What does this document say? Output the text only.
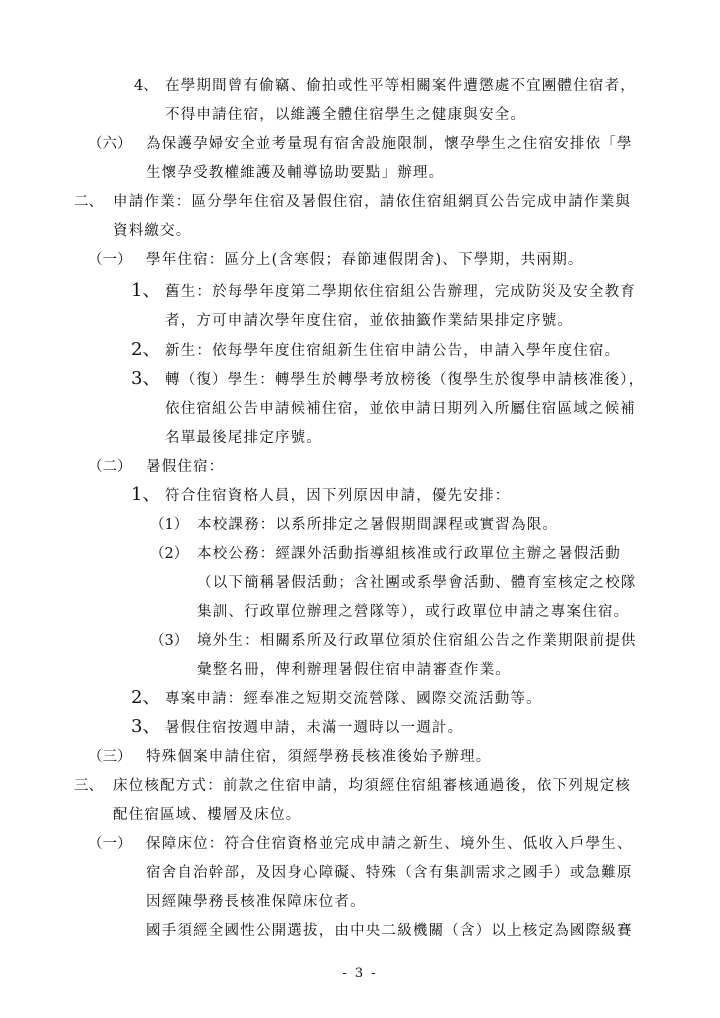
4、 在學期間曾有偷竊、偷拍或性平等相關案件遭懲處不宜團體住宿者，
不得申請住宿，以維護全體住宿學生之健康與安全。
（六） 為保護孕婦安全並考量現有宿舍設施限制，懷孕學生之住宿安排依「學
生懷孕受教權維護及輔導協助要點」辦理。
二、 申請作業：區分學年住宿及暑假住宿，請依住宿組網頁公告完成申請作業與
資料繳交。
（一） 學年住宿：區分上(含寒假；春節連假閉舍)、下學期，共兩期。
1、 舊生：於每學年度第二學期依住宿組公告辦理，完成防災及安全教育
者，方可申請次學年度住宿，並依抽籤作業結果排定序號。
2、 新生：依每學年度住宿組新生住宿申請公告，申請入學年度住宿。
3、 轉（復）學生：轉學生於轉學考放榜後（復學生於復學申請核准後），
依住宿組公告申請候補住宿，並依申請日期列入所屬住宿區域之候補
名單最後尾排定序號。
（二） 暑假住宿：
1、 符合住宿資格人員，因下列原因申請，優先安排：
（1） 本校課務：以系所排定之暑假期間課程或實習為限。
（2） 本校公務：經課外活動指導組核准或行政單位主辦之暑假活動
（以下簡稱暑假活動；含社團或系學會活動、體育室核定之校隊
集訓、行政單位辦理之營隊等），或行政單位申請之專案住宿。
（3） 境外生：相關系所及行政單位須於住宿組公告之作業期限前提供
彙整名冊，俾利辦理暑假住宿申請審查作業。
2、 專案申請：經奉准之短期交流營隊、國際交流活動等。
3、 暑假住宿按週申請，未滿一週時以一週計。
（三） 特殊個案申請住宿，須經學務長核准後始予辦理。
三、 床位核配方式：前款之住宿申請，均須經住宿組審核通過後，依下列規定核
配住宿區域、樓層及床位。
（一） 保障床位：符合住宿資格並完成申請之新生、境外生、低收入戶學生、
宿舍自治幹部，及因身心障礙、特殊（含有集訓需求之國手）或急難原
因經陳學務長核准保障床位者。
國手須經全國性公開選拔，由中央二級機關（含）以上核定為國際級賽
- 3 -
